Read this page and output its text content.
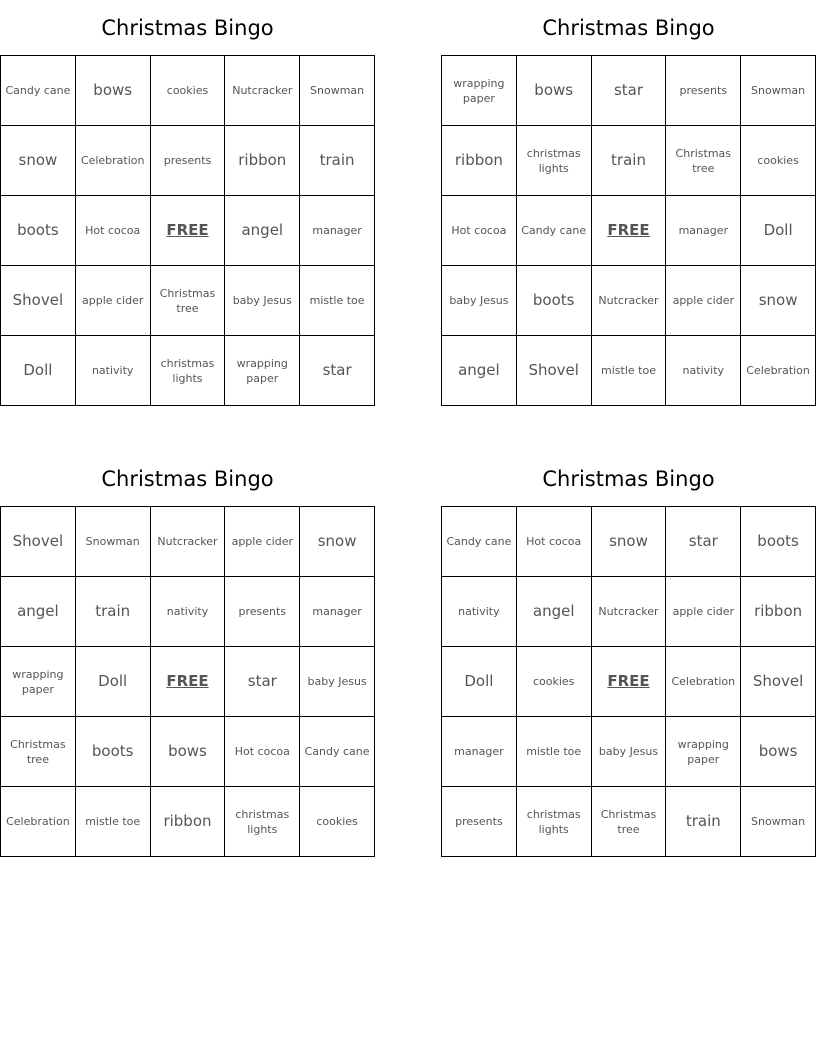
Christmas Bingo
Candy cane	bows	cookies	Nutcracker	Snowman
snow	Celebration	presents	ribbon	train
boots	Hot cocoa	FREE	angel	manager
Shovel	apple cider	Christmas tree	baby Jesus	mistle toe
Doll	nativity	christmas lights	wrapping paper	star
Christmas Bingo
wrapping paper	bows	star	presents	Snowman
ribbon	christmas lights	train	Christmas tree	cookies
Hot cocoa	Candy cane	FREE	manager	Doll
baby Jesus	boots	Nutcracker	apple cider	snow
angel	Shovel	mistle toe	nativity	Celebration
Christmas Bingo
Shovel	Snowman	Nutcracker	apple cider	snow
angel	train	nativity	presents	manager
wrapping paper	Doll	FREE	star	baby Jesus
Christmas tree	boots	bows	Hot cocoa	Candy cane
Celebration	mistle toe	ribbon	christmas lights	cookies
Christmas Bingo
Candy cane	Hot cocoa	snow	star	boots
nativity	angel	Nutcracker	apple cider	ribbon
Doll	cookies	FREE	Celebration	Shovel
manager	mistle toe	baby Jesus	wrapping paper	bows
presents	christmas lights	Christmas tree	train	Snowman
